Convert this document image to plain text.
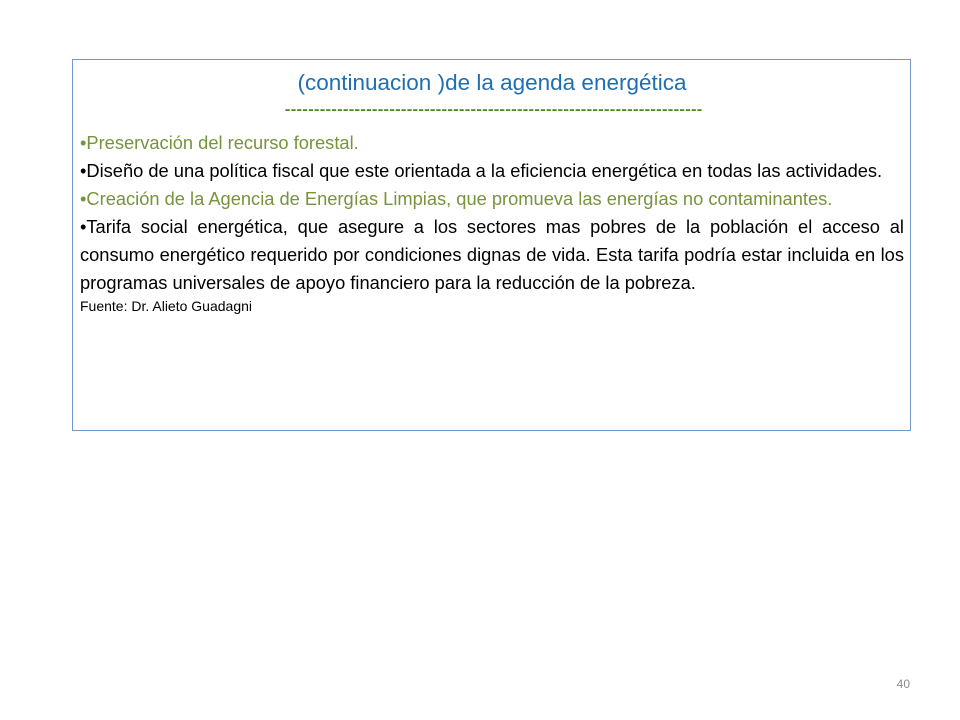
(continuacion )de la agenda energética

------------------------------------------------------------------------

•Preservación del recurso forestal.
•Diseño de una política fiscal que este orientada a la eficiencia energética en todas las actividades.
•Creación de la Agencia de Energías Limpias, que promueva las energías no contaminantes.
•Tarifa social energética, que asegure a los sectores mas pobres de la población el acceso al consumo energético requerido por condiciones dignas de vida. Esta tarifa podría estar incluida en los programas universales de apoyo financiero para la reducción de la pobreza.

Fuente: Dr. Alieto Guadagni

40
